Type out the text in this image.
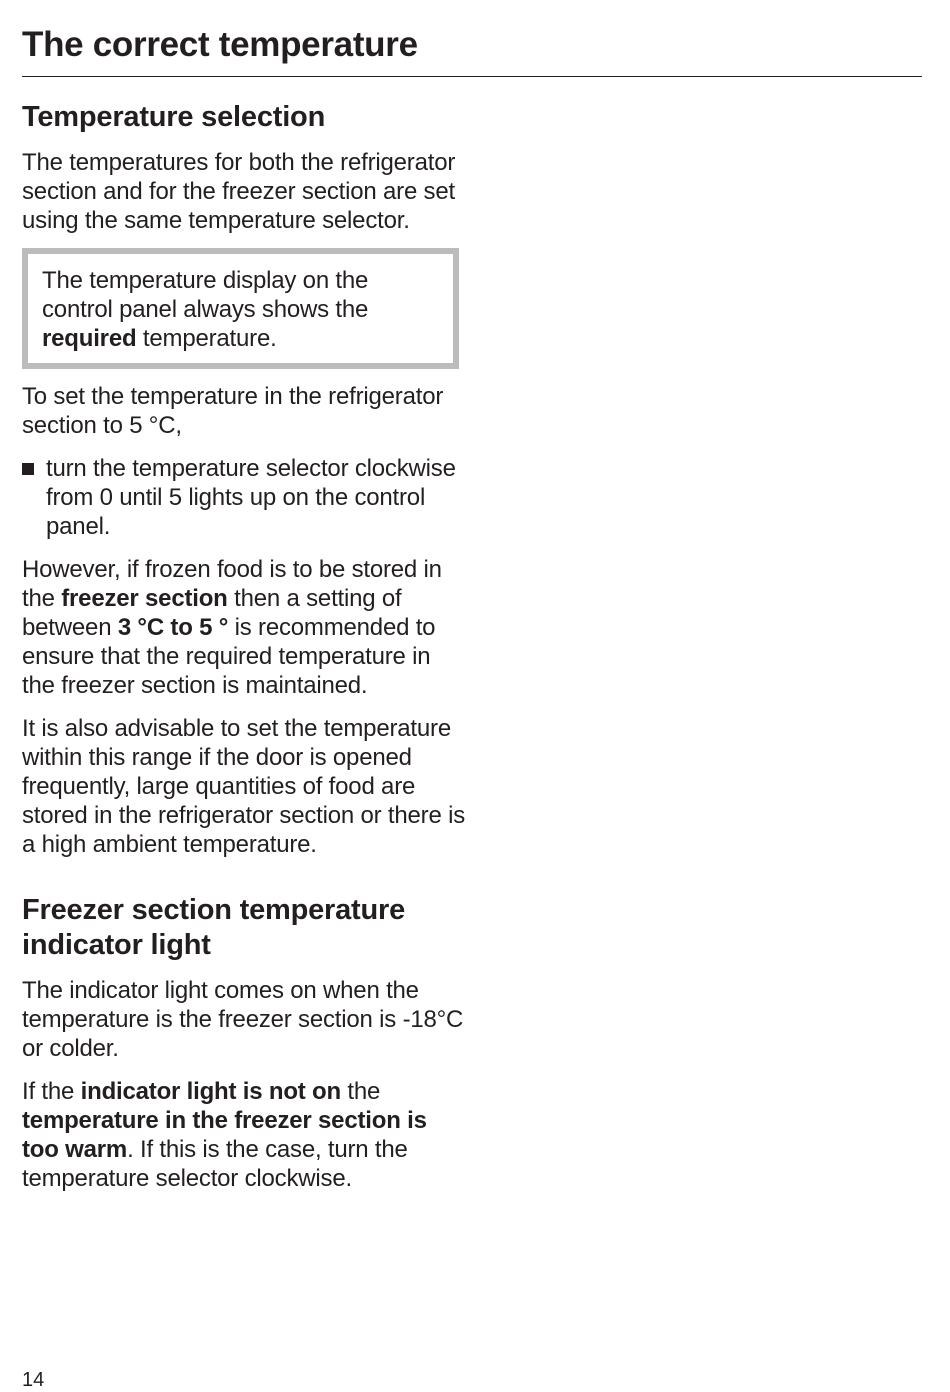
The correct temperature
Temperature selection

The temperatures for both the refrigerator section and for the freezer section are set using the same temperature selector.

The temperature display on the control panel always shows the required temperature.

To set the temperature in the refrigerator section to 5 °C,

turn the temperature selector clockwise from 0 until 5 lights up on the control panel.

However, if frozen food is to be stored in the freezer section then a setting of between 3 °C to 5 ° is recommended to ensure that the required temperature in the freezer section is maintained.

It is also advisable to set the temperature within this range if the door is opened frequently, large quantities of food are stored in the refrigerator section or there is a high ambient temperature.

Freezer section temperature indicator light

The indicator light comes on when the temperature is the freezer section is -18°C or colder.

If the indicator light is not on the temperature in the freezer section is too warm. If this is the case, turn the temperature selector clockwise.

14
